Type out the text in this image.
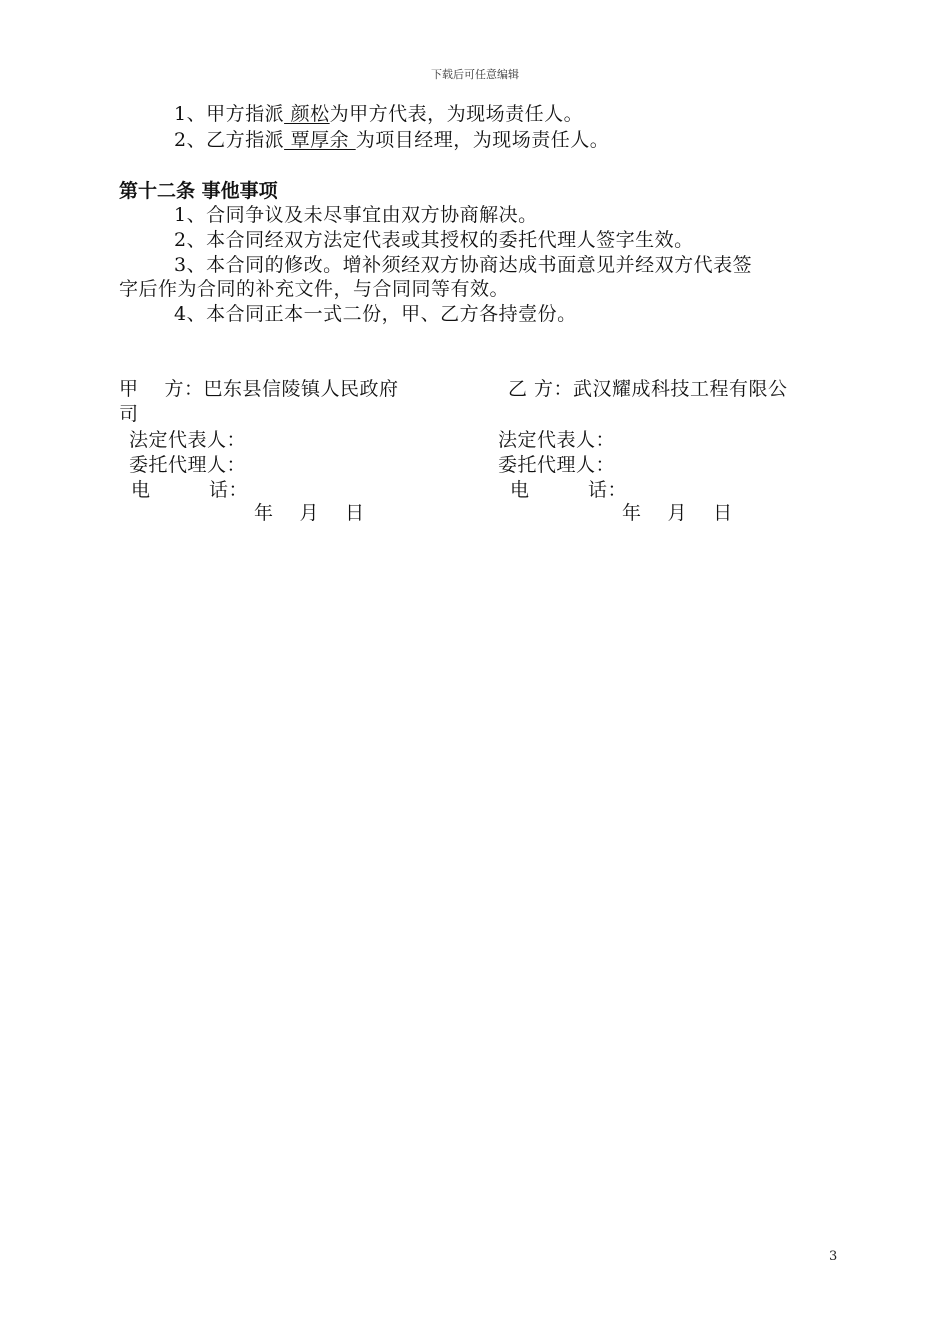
下载后可任意编辑
1、甲方指派 颜松为甲方代表，为现场责任人。
2、乙方指派 覃厚余 为项目经理，为现场责任人。
第十二条 事他事项
1、合同争议及未尽事宜由双方协商解决。
2、本合同经双方法定代表或其授权的委托代理人签字生效。
3、本合同的修改。增补须经双方协商达成书面意见并经双方代表签
字后作为合同的补充文件，与合同同等有效。
4、本合同正本一式二份，甲、乙方各持壹份。
甲　 方：巴东县信陵镇人民政府	乙 方：武汉耀成科技工程有限公
司
法定代表人：	法定代表人：
委托代理人：	委托代理人：
电　　　话：	电　　　话：
年　 月　 日	年　 月　 日
3
